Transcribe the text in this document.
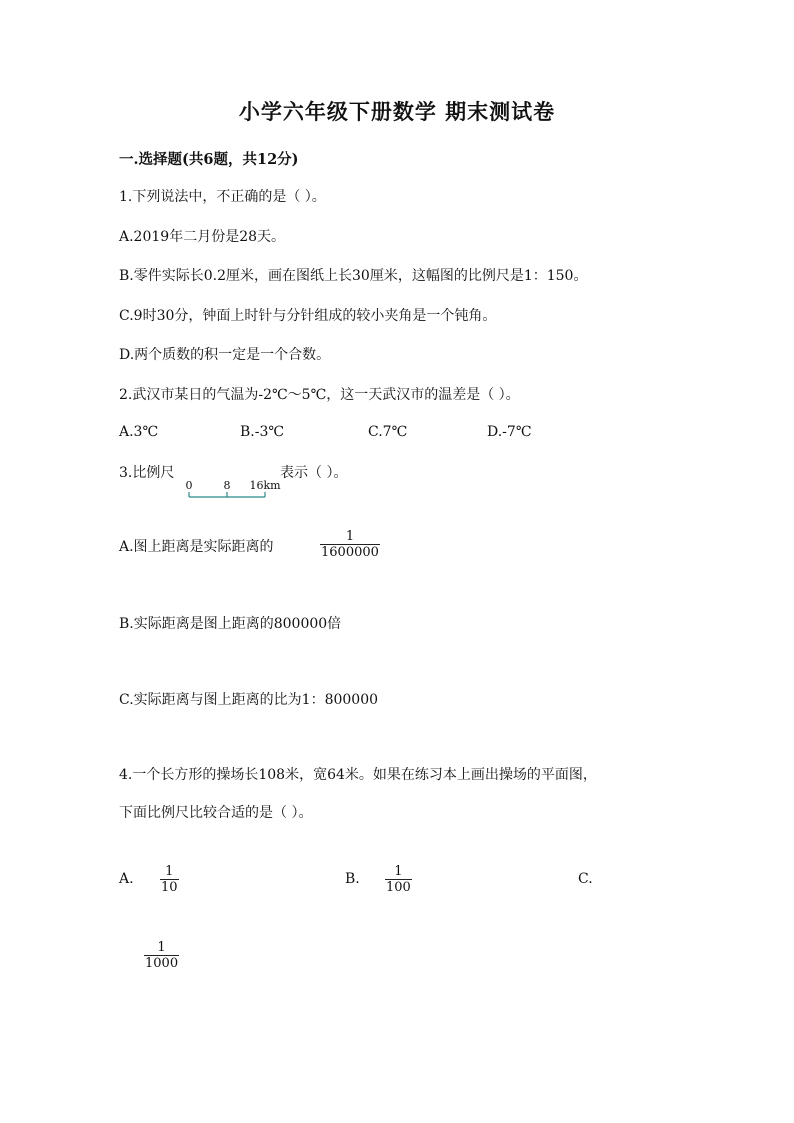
小学六年级下册数学 期末测试卷
一.选择题(共6题，共12分)
1.下列说法中，不正确的是（ ）。
A.2019年二月份是28天。
B.零件实际长0.2厘米，画在图纸上长30厘米，这幅图的比例尺是1：150。
C.9时30分，钟面上时针与分针组成的较小夹角是一个钝角。
D.两个质数的积一定是一个合数。
2.武汉市某日的气温为-2℃～5℃，这一天武汉市的温差是（ ）。
A.3℃	B.-3℃	C.7℃	D.-7℃
3.比例尺	表示（ ）。
0	8 16km
A.图上距离是实际距离的
1
1600000
B.实际距离是图上距离的800000倍
C.实际距离与图上距离的比为1：800000
4.一个长方形的操场长108米，宽64米。如果在练习本上画出操场的平面图，
下面比例尺比较合适的是（ ）。
A. 1
10
B.	1
100
C.
1
1000
